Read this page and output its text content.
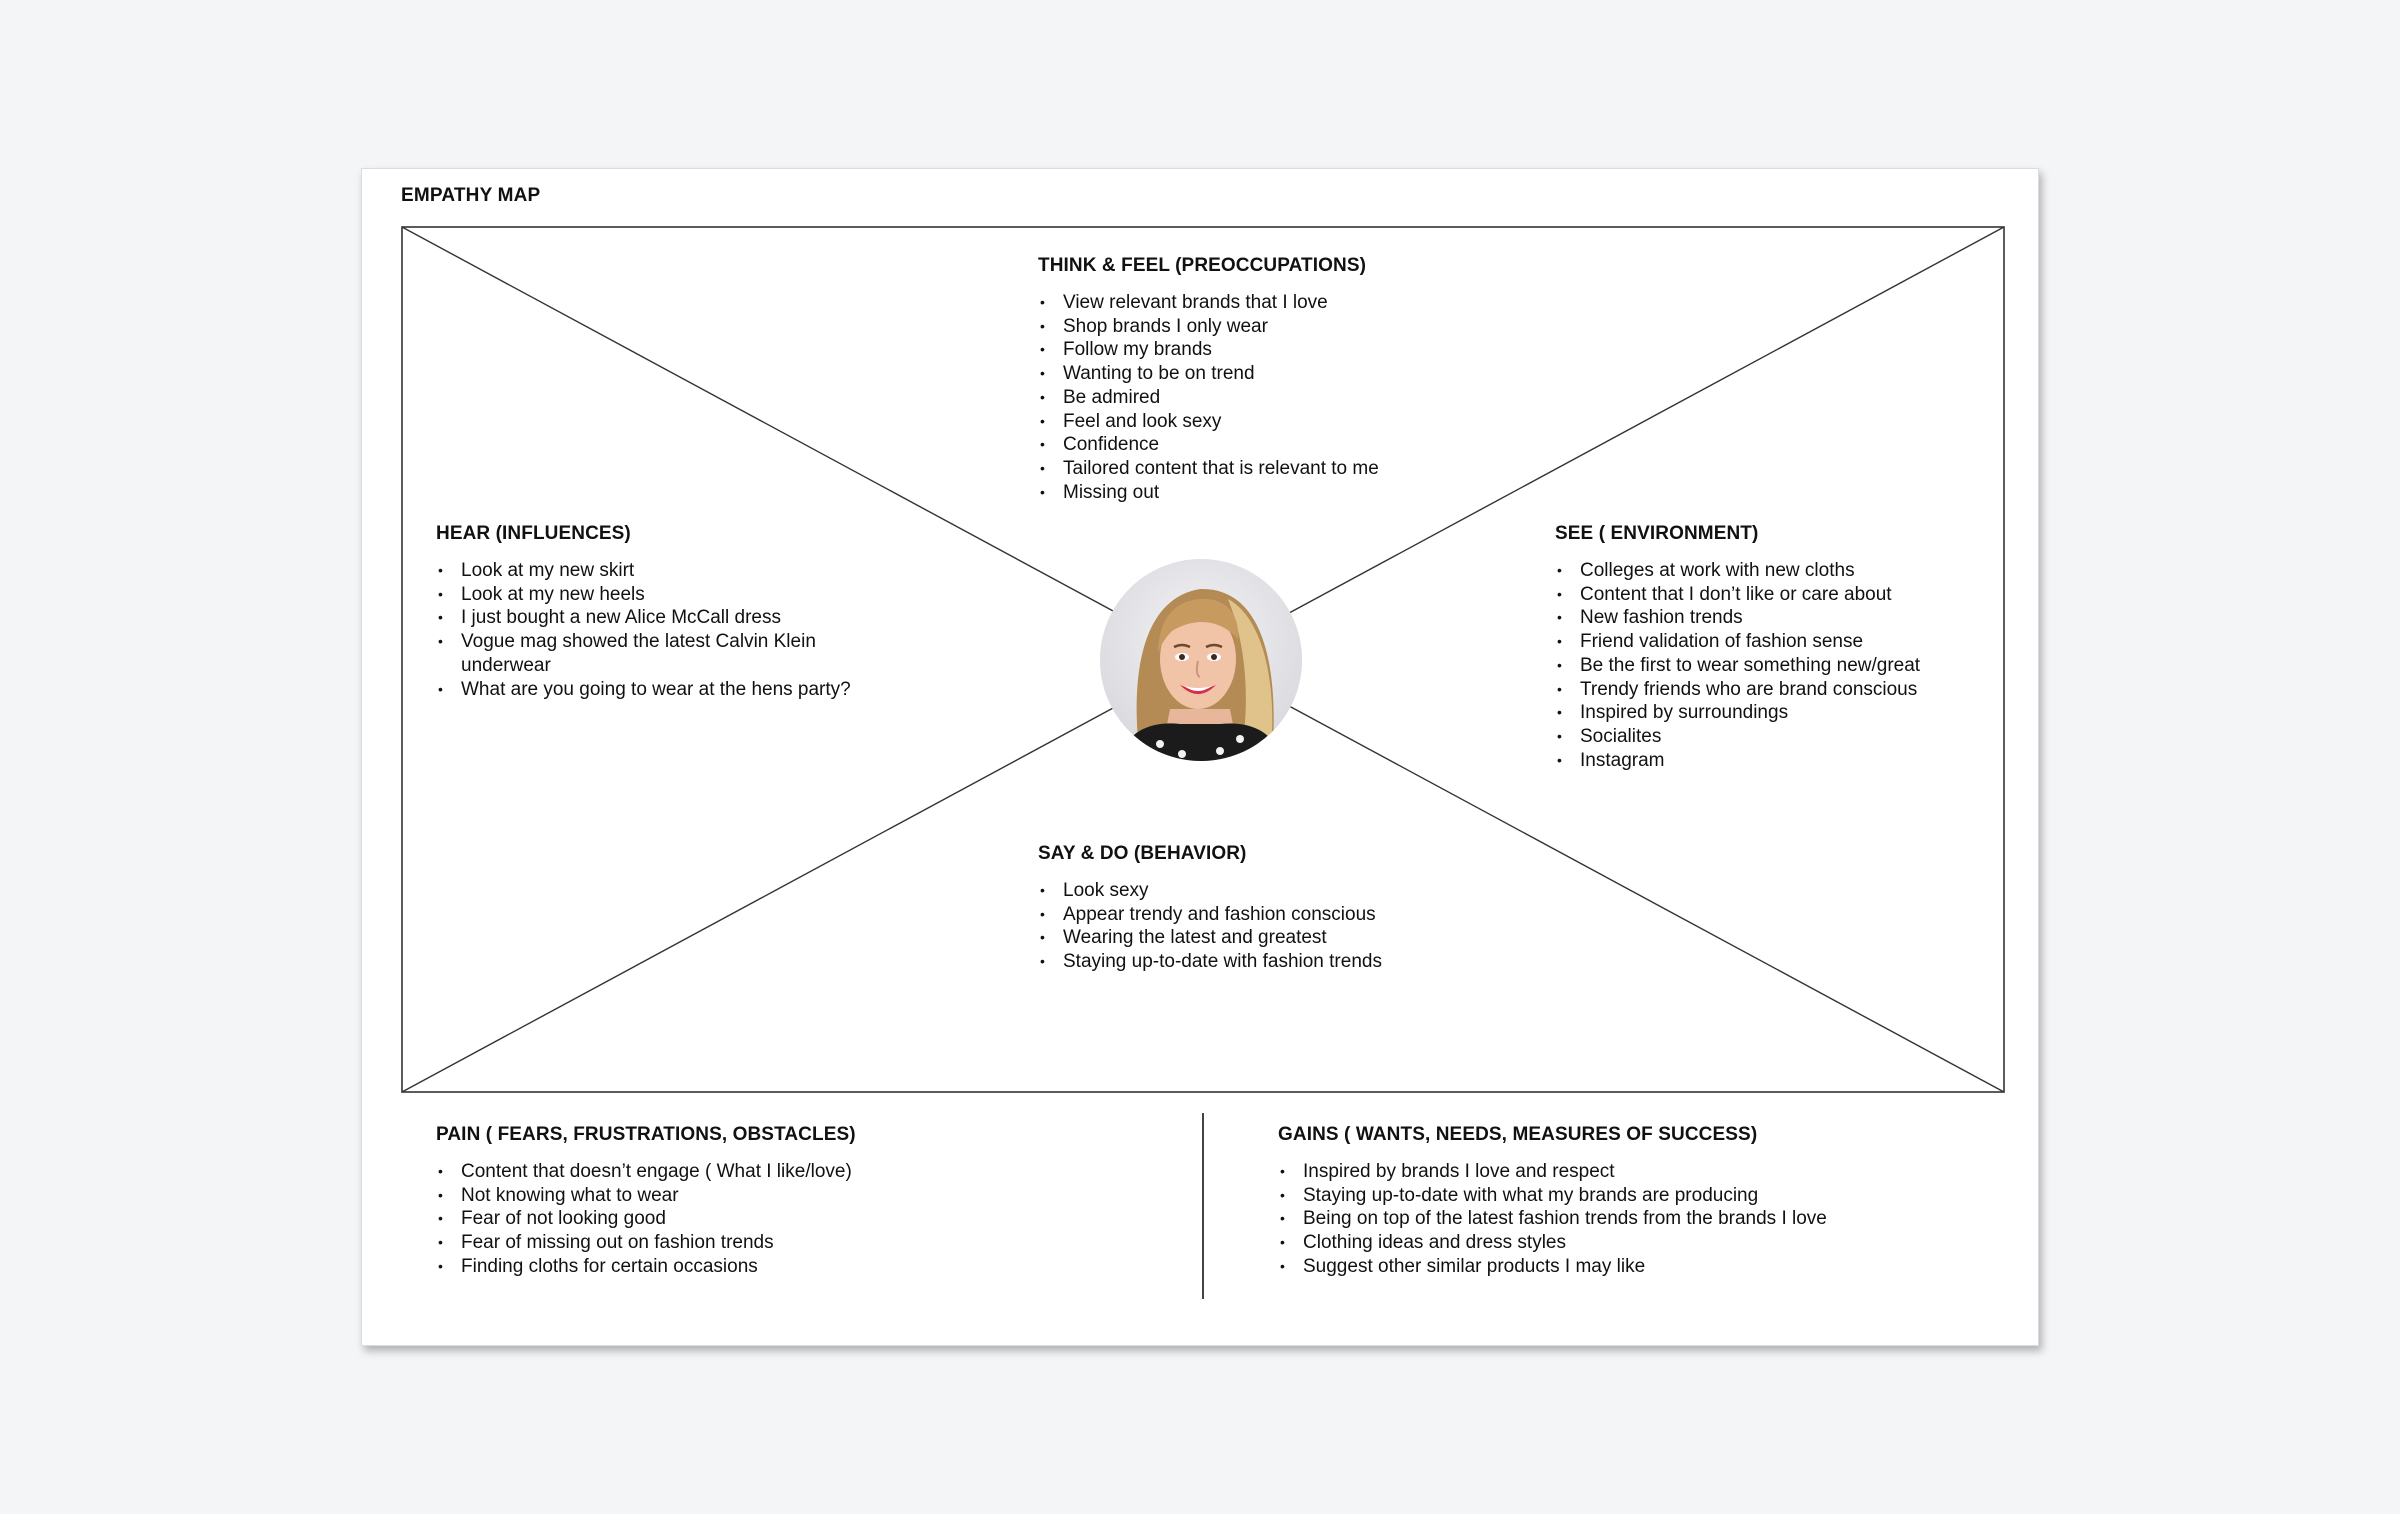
EMPATHY MAP
THINK & FEEL (PREOCCUPATIONS)
• View relevant brands that I love
• Shop brands I only wear
• Follow my brands
• Wanting to be on trend
• Be admired
• Feel and look sexy
• Confidence
• Tailored content that is relevant to me
• Missing out
HEAR (INFLUENCES)
• Look at my new skirt
• Look at my new heels
• I just bought a new Alice McCall dress
• Vogue mag showed the latest Calvin Klein underwear
• What are you going to wear at the hens party?
SEE ( ENVIRONMENT)
• Colleges at work with new cloths
• Content that I don’t like or care about
• New fashion trends
• Friend validation of fashion sense
• Be the first to wear something new/great
• Trendy friends who are brand conscious
• Inspired by surroundings
• Socialites
• Instagram
SAY & DO (BEHAVIOR)
• Look sexy
• Appear trendy and fashion conscious
• Wearing the latest and greatest
• Staying up-to-date with fashion trends
PAIN ( FEARS, FRUSTRATIONS, OBSTACLES)
• Content that doesn’t engage ( What I like/love)
• Not knowing what to wear
• Fear of not looking good
• Fear of missing out on fashion trends
• Finding cloths for certain occasions
GAINS ( WANTS, NEEDS, MEASURES OF SUCCESS)
• Inspired by brands I love and respect
• Staying up-to-date with what my brands are producing
• Being on top of the latest fashion trends from the brands I love
• Clothing ideas and dress styles
• Suggest other similar products I may like
